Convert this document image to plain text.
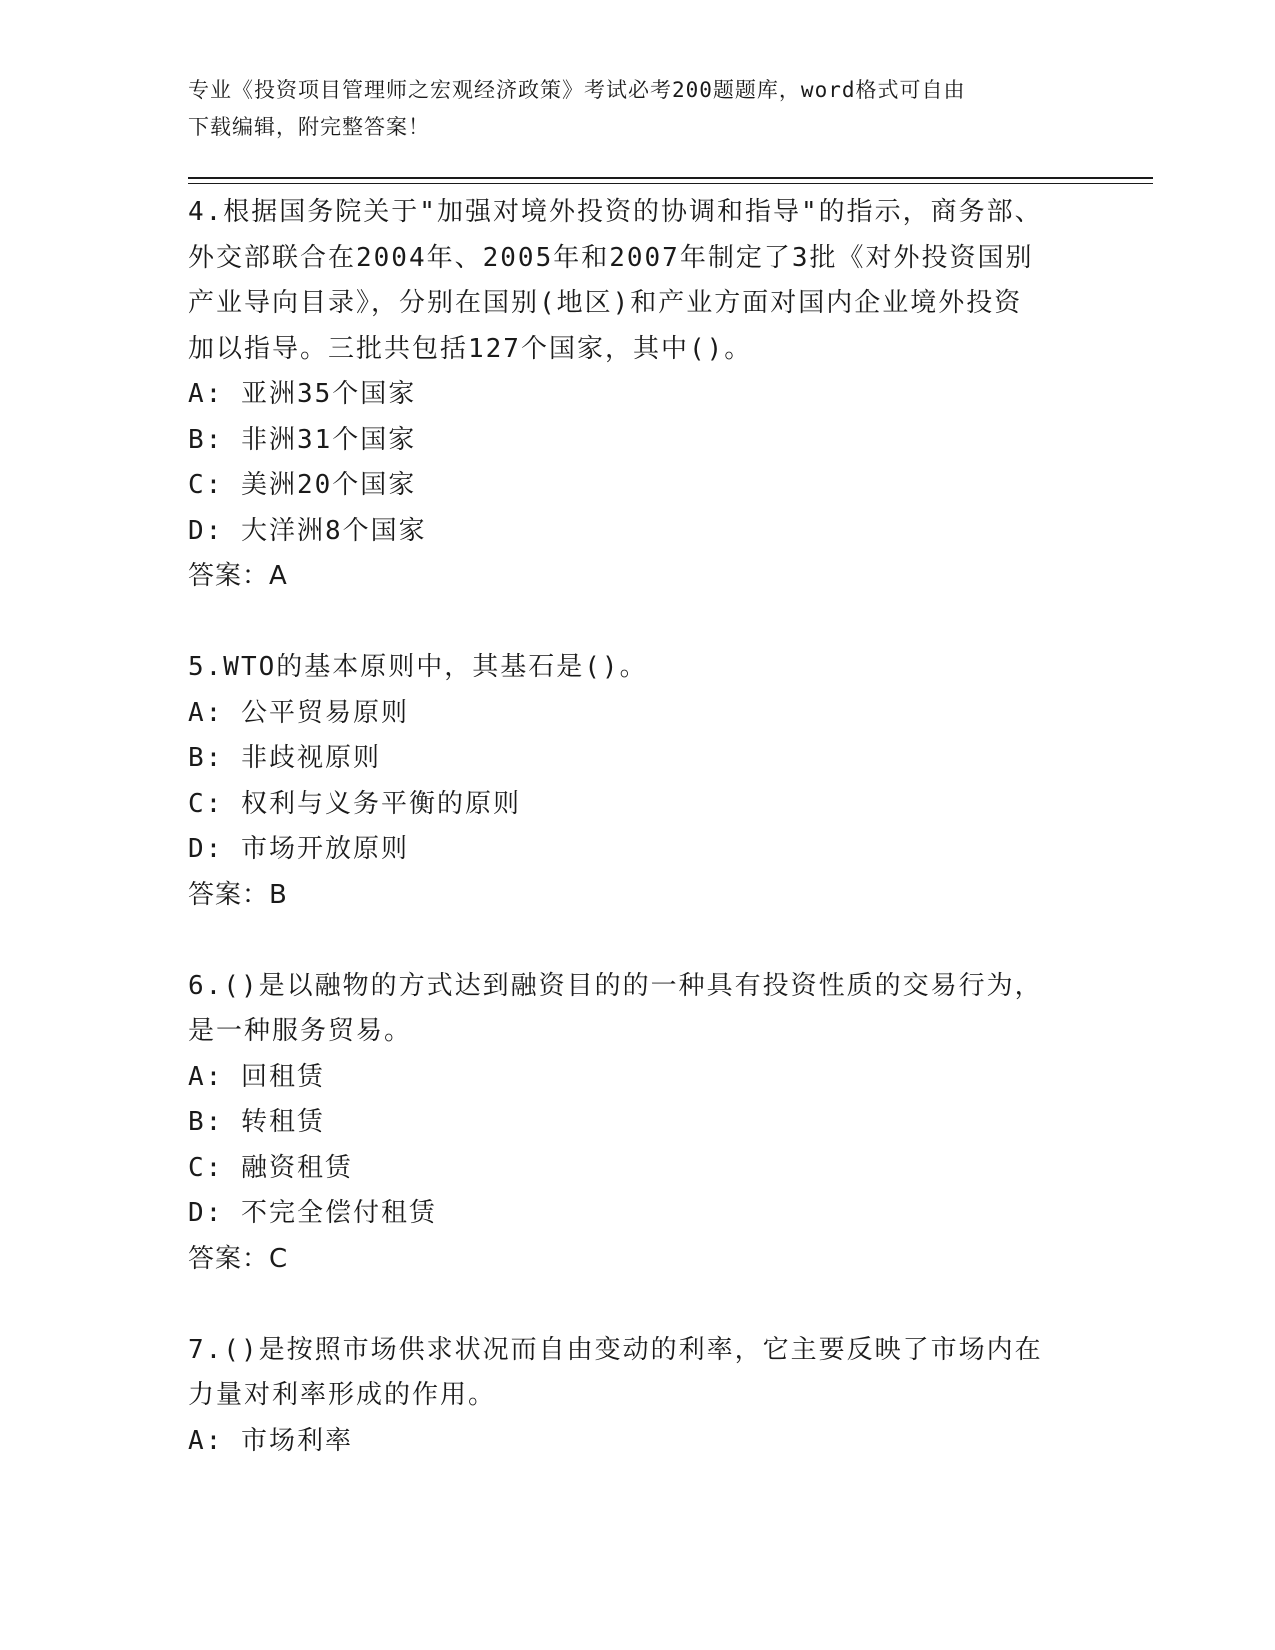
专业《投资项目管理师之宏观经济政策》考试必考200题题库，word格式可自由
下载编辑，附完整答案！
4.根据国务院关于"加强对境外投资的协调和指导"的指示，商务部、
外交部联合在2004年、2005年和2007年制定了3批《对外投资国别
产业导向目录》，分别在国别(地区)和产业方面对国内企业境外投资
加以指导。三批共包括127个国家，其中()。
A: 亚洲35个国家
B: 非洲31个国家
C: 美洲20个国家
D: 大洋洲8个国家
答案：A
5.WTO的基本原则中，其基石是()。
A: 公平贸易原则
B: 非歧视原则
C: 权利与义务平衡的原则
D: 市场开放原则
答案：B
6.()是以融物的方式达到融资目的的一种具有投资性质的交易行为，
是一种服务贸易。
A: 回租赁
B: 转租赁
C: 融资租赁
D: 不完全偿付租赁
答案：C
7.()是按照市场供求状况而自由变动的利率，它主要反映了市场内在
力量对利率形成的作用。
A: 市场利率
